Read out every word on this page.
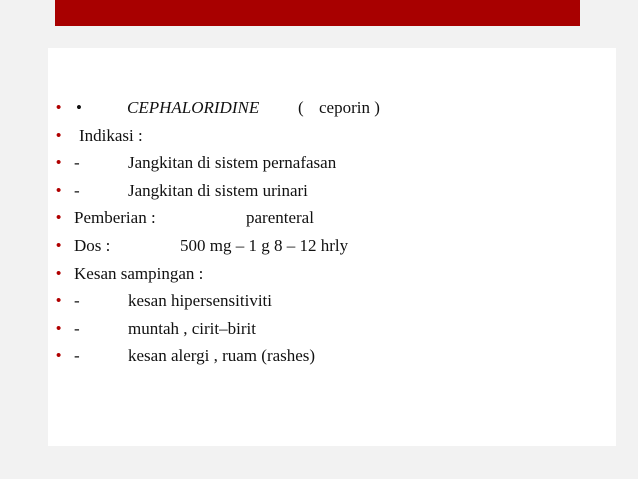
• •	CEPHALORIDINE ( ceporin )
• Indikasi :
• -	Jangkitan di sistem pernafasan
• -	Jangkitan di sistem urinari
• Pemberian :	parenteral
• Dos :	500 mg – 1 g 8 – 12 hrly
• Kesan sampingan :
• -	kesan hipersensitiviti
• -	muntah , cirit–birit
• -	kesan alergi , ruam (rashes)
